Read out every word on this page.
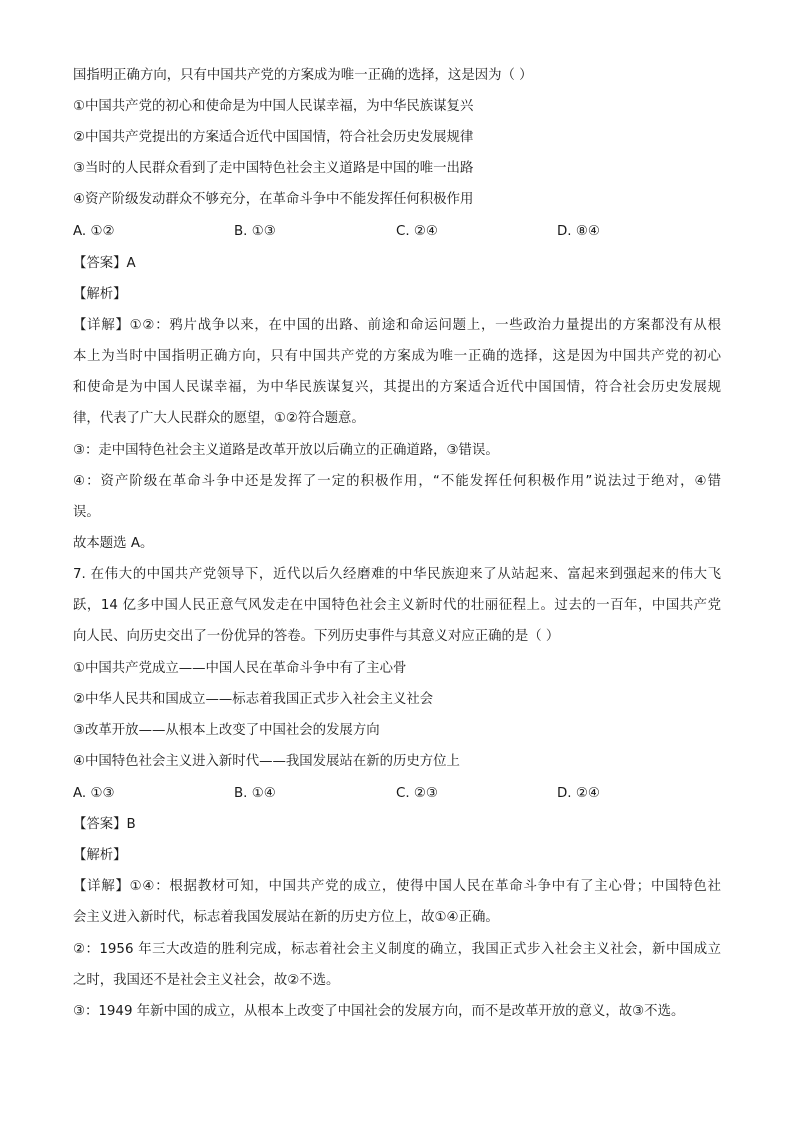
国指明正确方向，只有中国共产党的方案成为唯一正确的选择，这是因为（ ）
①中国共产党的初心和使命是为中国人民谋幸福，为中华民族谋复兴
②中国共产党提出的方案适合近代中国国情，符合社会历史发展规律
③当时的人民群众看到了走中国特色社会主义道路是中国的唯一出路
④资产阶级发动群众不够充分，在革命斗争中不能发挥任何积极作用
A. ①②	B. ①③	C. ②④	D. ⑧④
【答案】A
【解析】
【详解】①②：鸦片战争以来，在中国的出路、前途和命运问题上，一些政治力量提出的方案都没有从根
本上为当时中国指明正确方向，只有中国共产党的方案成为唯一正确的选择，这是因为中国共产党的初心
和使命是为中国人民谋幸福，为中华民族谋复兴，其提出的方案适合近代中国国情，符合社会历史发展规
律，代表了广大人民群众的愿望，①②符合题意。
③：走中国特色社会主义道路是改革开放以后确立的正确道路，③错误。
④：资产阶级在革命斗争中还是发挥了一定的积极作用，“不能发挥任何积极作用”说法过于绝对，④错
误。
故本题选 A。
7. 在伟大的中国共产党领导下，近代以后久经磨难的中华民族迎来了从站起来、富起来到强起来的伟大飞
跃，14 亿多中国人民正意气风发走在中国特色社会主义新时代的壮丽征程上。过去的一百年，中国共产党
向人民、向历史交出了一份优异的答卷。下列历史事件与其意义对应正确的是（ ）
①中国共产党成立——中国人民在革命斗争中有了主心骨
②中华人民共和国成立——标志着我国正式步入社会主义社会
③改革开放——从根本上改变了中国社会的发展方向
④中国特色社会主义进入新时代——我国发展站在新的历史方位上
A. ①③	B. ①④	C. ②③	D. ②④
【答案】B
【解析】
【详解】①④：根据教材可知，中国共产党的成立，使得中国人民在革命斗争中有了主心骨；中国特色社
会主义进入新时代，标志着我国发展站在新的历史方位上，故①④正确。
②：1956 年三大改造的胜利完成，标志着社会主义制度的确立，我国正式步入社会主义社会，新中国成立
之时，我国还不是社会主义社会，故②不选。
③：1949 年新中国的成立，从根本上改变了中国社会的发展方向，而不是改革开放的意义，故③不选。
